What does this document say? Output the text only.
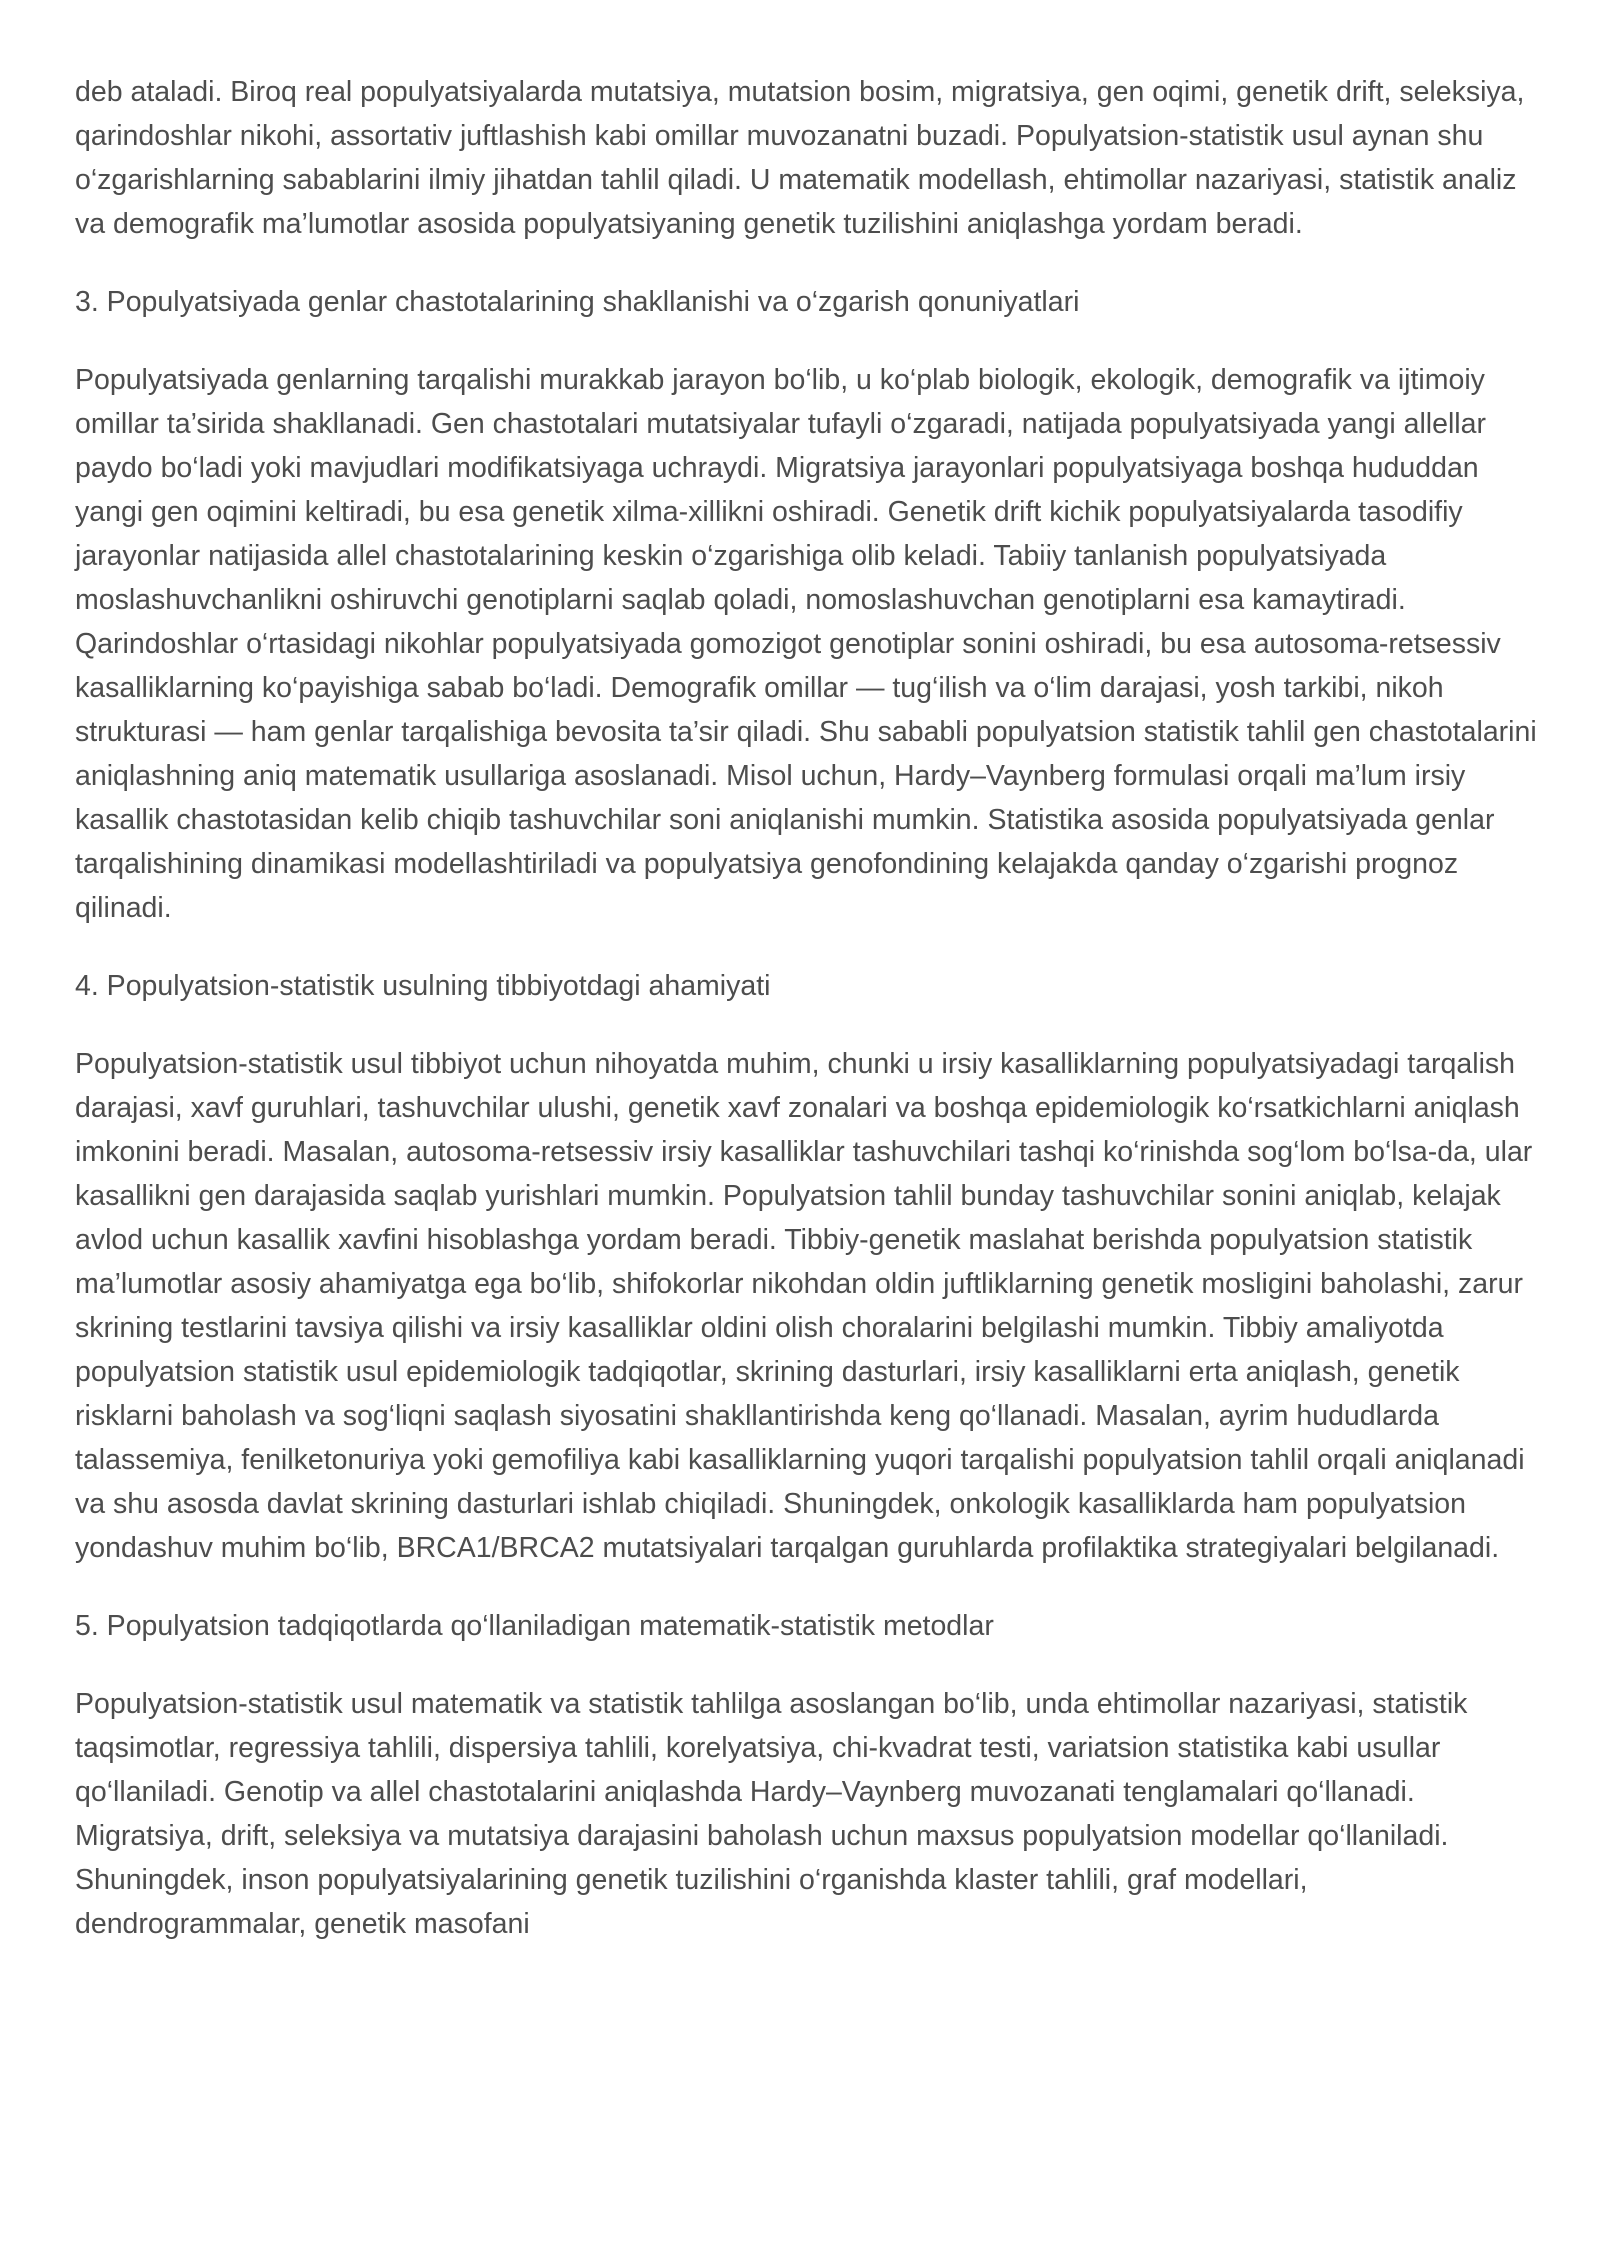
deb ataladi. Biroq real populyatsiyalarda mutatsiya, mutatsion bosim, migratsiya, gen oqimi, genetik drift, seleksiya, qarindoshlar nikohi, assortativ juftlashish kabi omillar muvozanatni buzadi. Populyatsion-statistik usul aynan shu o‘zgarishlarning sabablarini ilmiy jihatdan tahlil qiladi. U matematik modellash, ehtimollar nazariyasi, statistik analiz va demografik ma’lumotlar asosida populyatsiyaning genetik tuzilishini aniqlashga yordam beradi.

3. Populyatsiyada genlar chastotalarining shakllanishi va o‘zgarish qonuniyatlari

Populyatsiyada genlarning tarqalishi murakkab jarayon bo‘lib, u ko‘plab biologik, ekologik, demografik va ijtimoiy omillar ta’sirida shakllanadi. Gen chastotalari mutatsiyalar tufayli o‘zgaradi, natijada populyatsiyada yangi allellar paydo bo‘ladi yoki mavjudlari modifikatsiyaga uchraydi. Migratsiya jarayonlari populyatsiyaga boshqa hududdan yangi gen oqimini keltiradi, bu esa genetik xilma-xillikni oshiradi. Genetik drift kichik populyatsiyalarda tasodifiy jarayonlar natijasida allel chastotalarining keskin o‘zgarishiga olib keladi. Tabiiy tanlanish populyatsiyada moslashuvchanlikni oshiruvchi genotiplarni saqlab qoladi, nomoslashuvchan genotiplarni esa kamaytiradi. Qarindoshlar o‘rtasidagi nikohlar populyatsiyada gomozigot genotiplar sonini oshiradi, bu esa autosoma-retsessiv kasalliklarning ko‘payishiga sabab bo‘ladi. Demografik omillar — tug‘ilish va o‘lim darajasi, yosh tarkibi, nikoh strukturasi — ham genlar tarqalishiga bevosita ta’sir qiladi. Shu sababli populyatsion statistik tahlil gen chastotalarini aniqlashning aniq matematik usullariga asoslanadi. Misol uchun, Hardy–Vaynberg formulasi orqali ma’lum irsiy kasallik chastotasidan kelib chiqib tashuvchilar soni aniqlanishi mumkin. Statistika asosida populyatsiyada genlar tarqalishining dinamikasi modellashtiriladi va populyatsiya genofondining kelajakda qanday o‘zgarishi prognoz qilinadi.

4. Populyatsion-statistik usulning tibbiyotdagi ahamiyati

Populyatsion-statistik usul tibbiyot uchun nihoyatda muhim, chunki u irsiy kasalliklarning populyatsiyadagi tarqalish darajasi, xavf guruhlari, tashuvchilar ulushi, genetik xavf zonalari va boshqa epidemiologik ko‘rsatkichlarni aniqlash imkonini beradi. Masalan, autosoma-retsessiv irsiy kasalliklar tashuvchilari tashqi ko‘rinishda sog‘lom bo‘lsa-da, ular kasallikni gen darajasida saqlab yurishlari mumkin. Populyatsion tahlil bunday tashuvchilar sonini aniqlab, kelajak avlod uchun kasallik xavfini hisoblashga yordam beradi. Tibbiy-genetik maslahat berishda populyatsion statistik ma’lumotlar asosiy ahamiyatga ega bo‘lib, shifokorlar nikohdan oldin juftliklarning genetik mosligini baholashi, zarur skrining testlarini tavsiya qilishi va irsiy kasalliklar oldini olish choralarini belgilashi mumkin. Tibbiy amaliyotda populyatsion statistik usul epidemiologik tadqiqotlar, skrining dasturlari, irsiy kasalliklarni erta aniqlash, genetik risklarni baholash va sog‘liqni saqlash siyosatini shakllantirishda keng qo‘llanadi. Masalan, ayrim hududlarda talassemiya, fenilketonuriya yoki gemofiliya kabi kasalliklarning yuqori tarqalishi populyatsion tahlil orqali aniqlanadi va shu asosda davlat skrining dasturlari ishlab chiqiladi. Shuningdek, onkologik kasalliklarda ham populyatsion yondashuv muhim bo‘lib, BRCA1/BRCA2 mutatsiyalari tarqalgan guruhlarda profilaktika strategiyalari belgilanadi.

5. Populyatsion tadqiqotlarda qo‘llaniladigan matematik-statistik metodlar

Populyatsion-statistik usul matematik va statistik tahlilga asoslangan bo‘lib, unda ehtimollar nazariyasi, statistik taqsimotlar, regressiya tahlili, dispersiya tahlili, korelyatsiya, chi-kvadrat testi, variatsion statistika kabi usullar qo‘llaniladi. Genotip va allel chastotalarini aniqlashda Hardy–Vaynberg muvozanati tenglamalari qo‘llanadi. Migratsiya, drift, seleksiya va mutatsiya darajasini baholash uchun maxsus populyatsion modellar qo‘llaniladi. Shuningdek, inson populyatsiyalarining genetik tuzilishini o‘rganishda klaster tahlili, graf modellari, dendrogrammalar, genetik masofani
